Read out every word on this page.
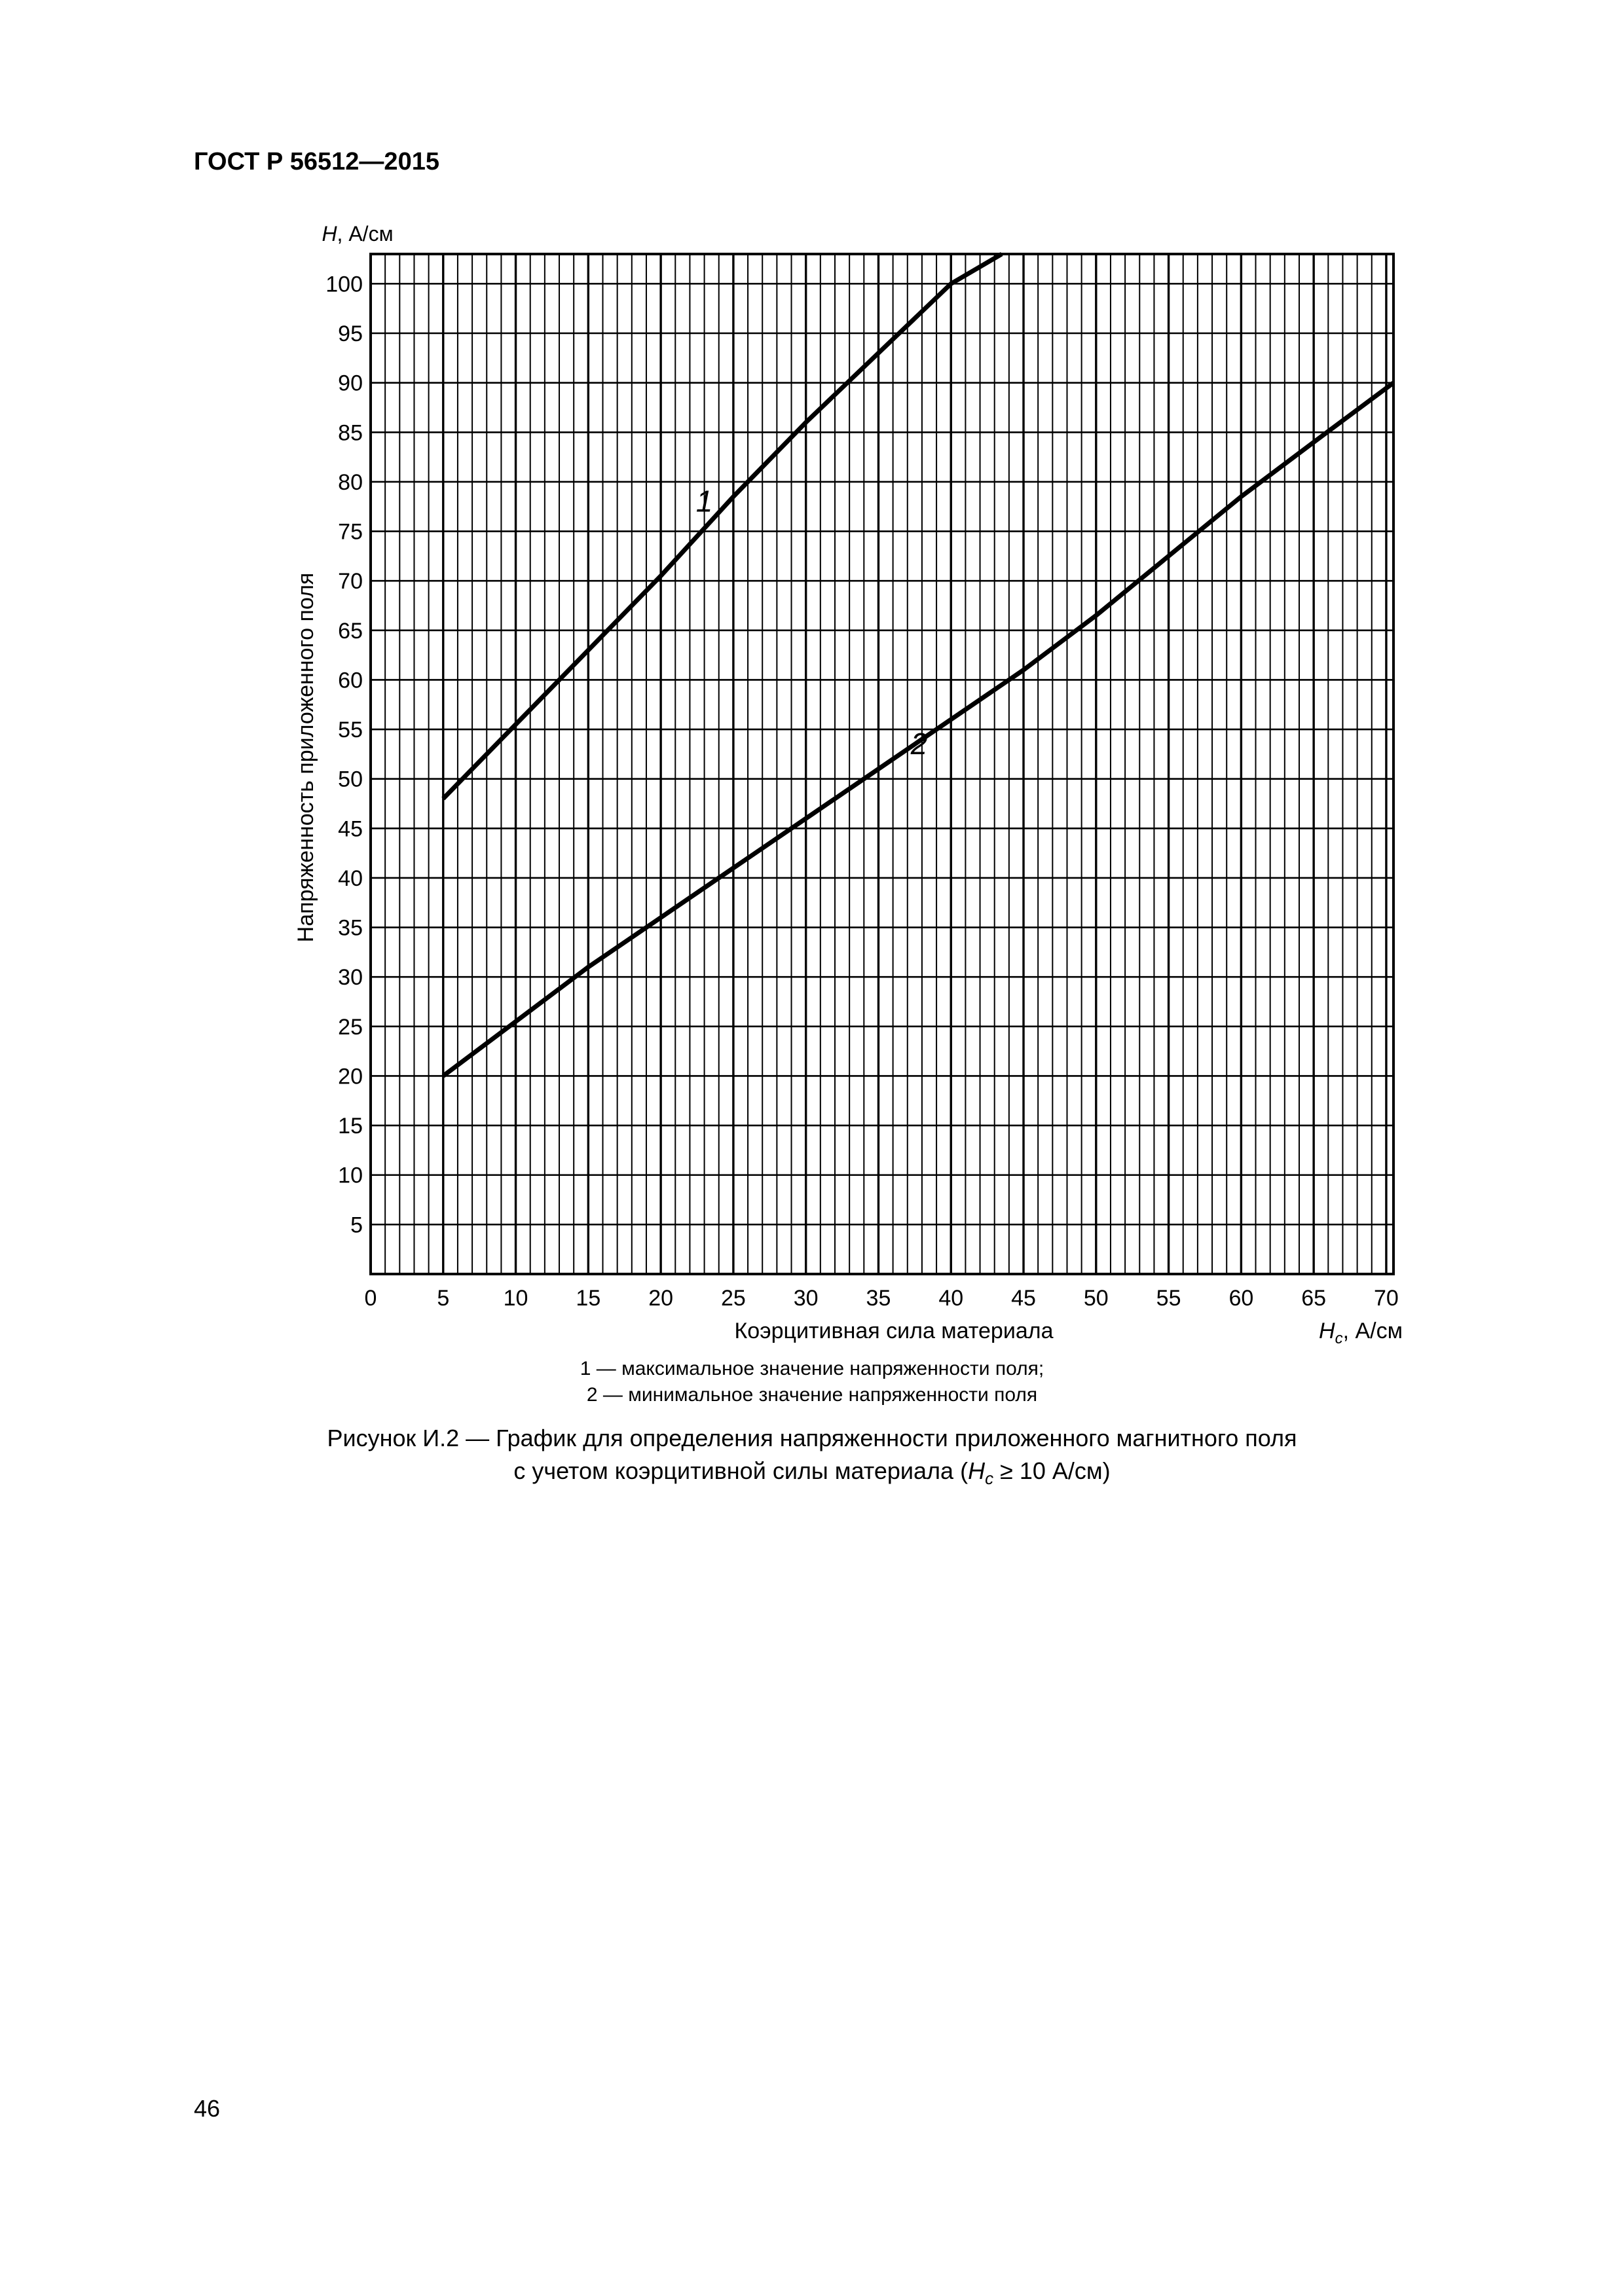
ГОСТ Р 56512—2015
1
2
0	5 10 15 20 25 30 35 40 45 50 55 60 65 70
5
10
15
20
25
30
35
40
45
50
55
60
65
70
75
80
85
90
95
100
H, А/см
Напряженность приложенного поля
Коэрцитивная сила материала	$H_c$, А/см
1 — максимальное значение напряженности поля;
2 — минимальное значение напряженности поля
Рисунок И.2 — График для определения напряженности приложенного магнитного поля
с учетом коэрцитивной силы материала ($H_c \ge 10$ А/см)
46
